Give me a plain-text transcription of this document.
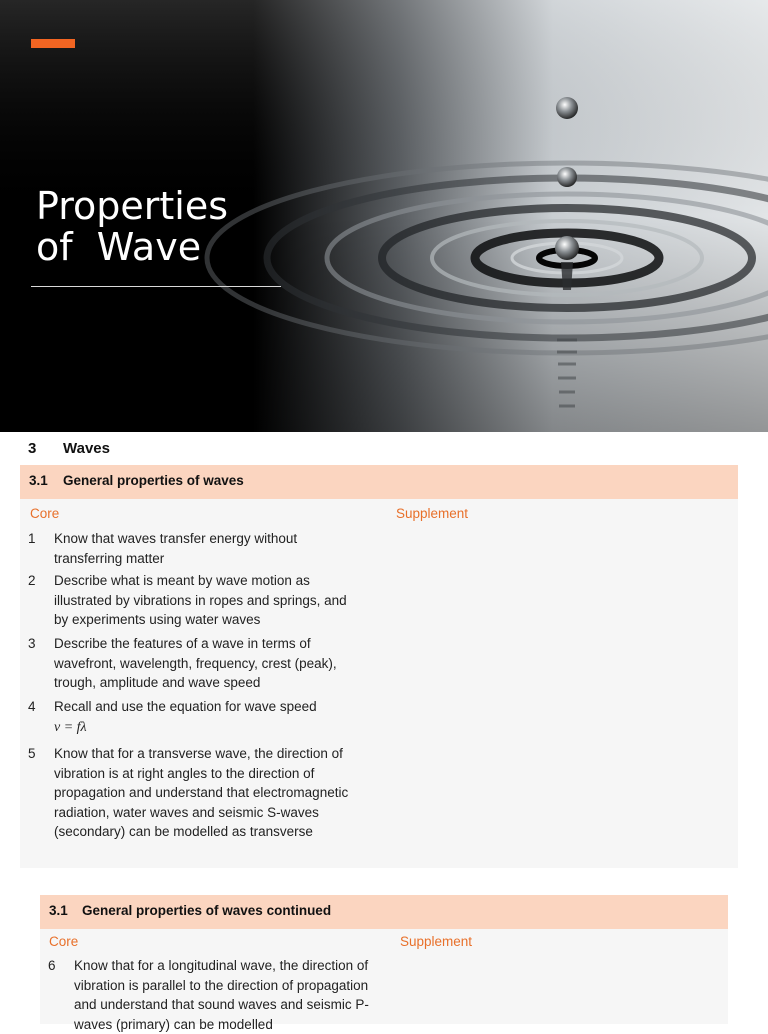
Properties
of  Wave
3 Waves
3.1 General properties of waves
Core	Supplement
1 Know that waves transfer energy without transferring matter
2 Describe what is meant by wave motion as illustrated by vibrations in ropes and springs, and by experiments using water waves
3 Describe the features of a wave in terms of wavefront, wavelength, frequency, crest (peak), trough, amplitude and wave speed
4 Recall and use the equation for wave speed
v = fλ
5 Know that for a transverse wave, the direction of vibration is at right angles to the direction of propagation and understand that electromagnetic radiation, water waves and seismic S-waves (secondary) can be modelled as transverse
3.1 General properties of waves continued
Core	Supplement
6 Know that for a longitudinal wave, the direction of vibration is parallel to the direction of propagation and understand that sound waves and seismic P-waves (primary) can be modelled
